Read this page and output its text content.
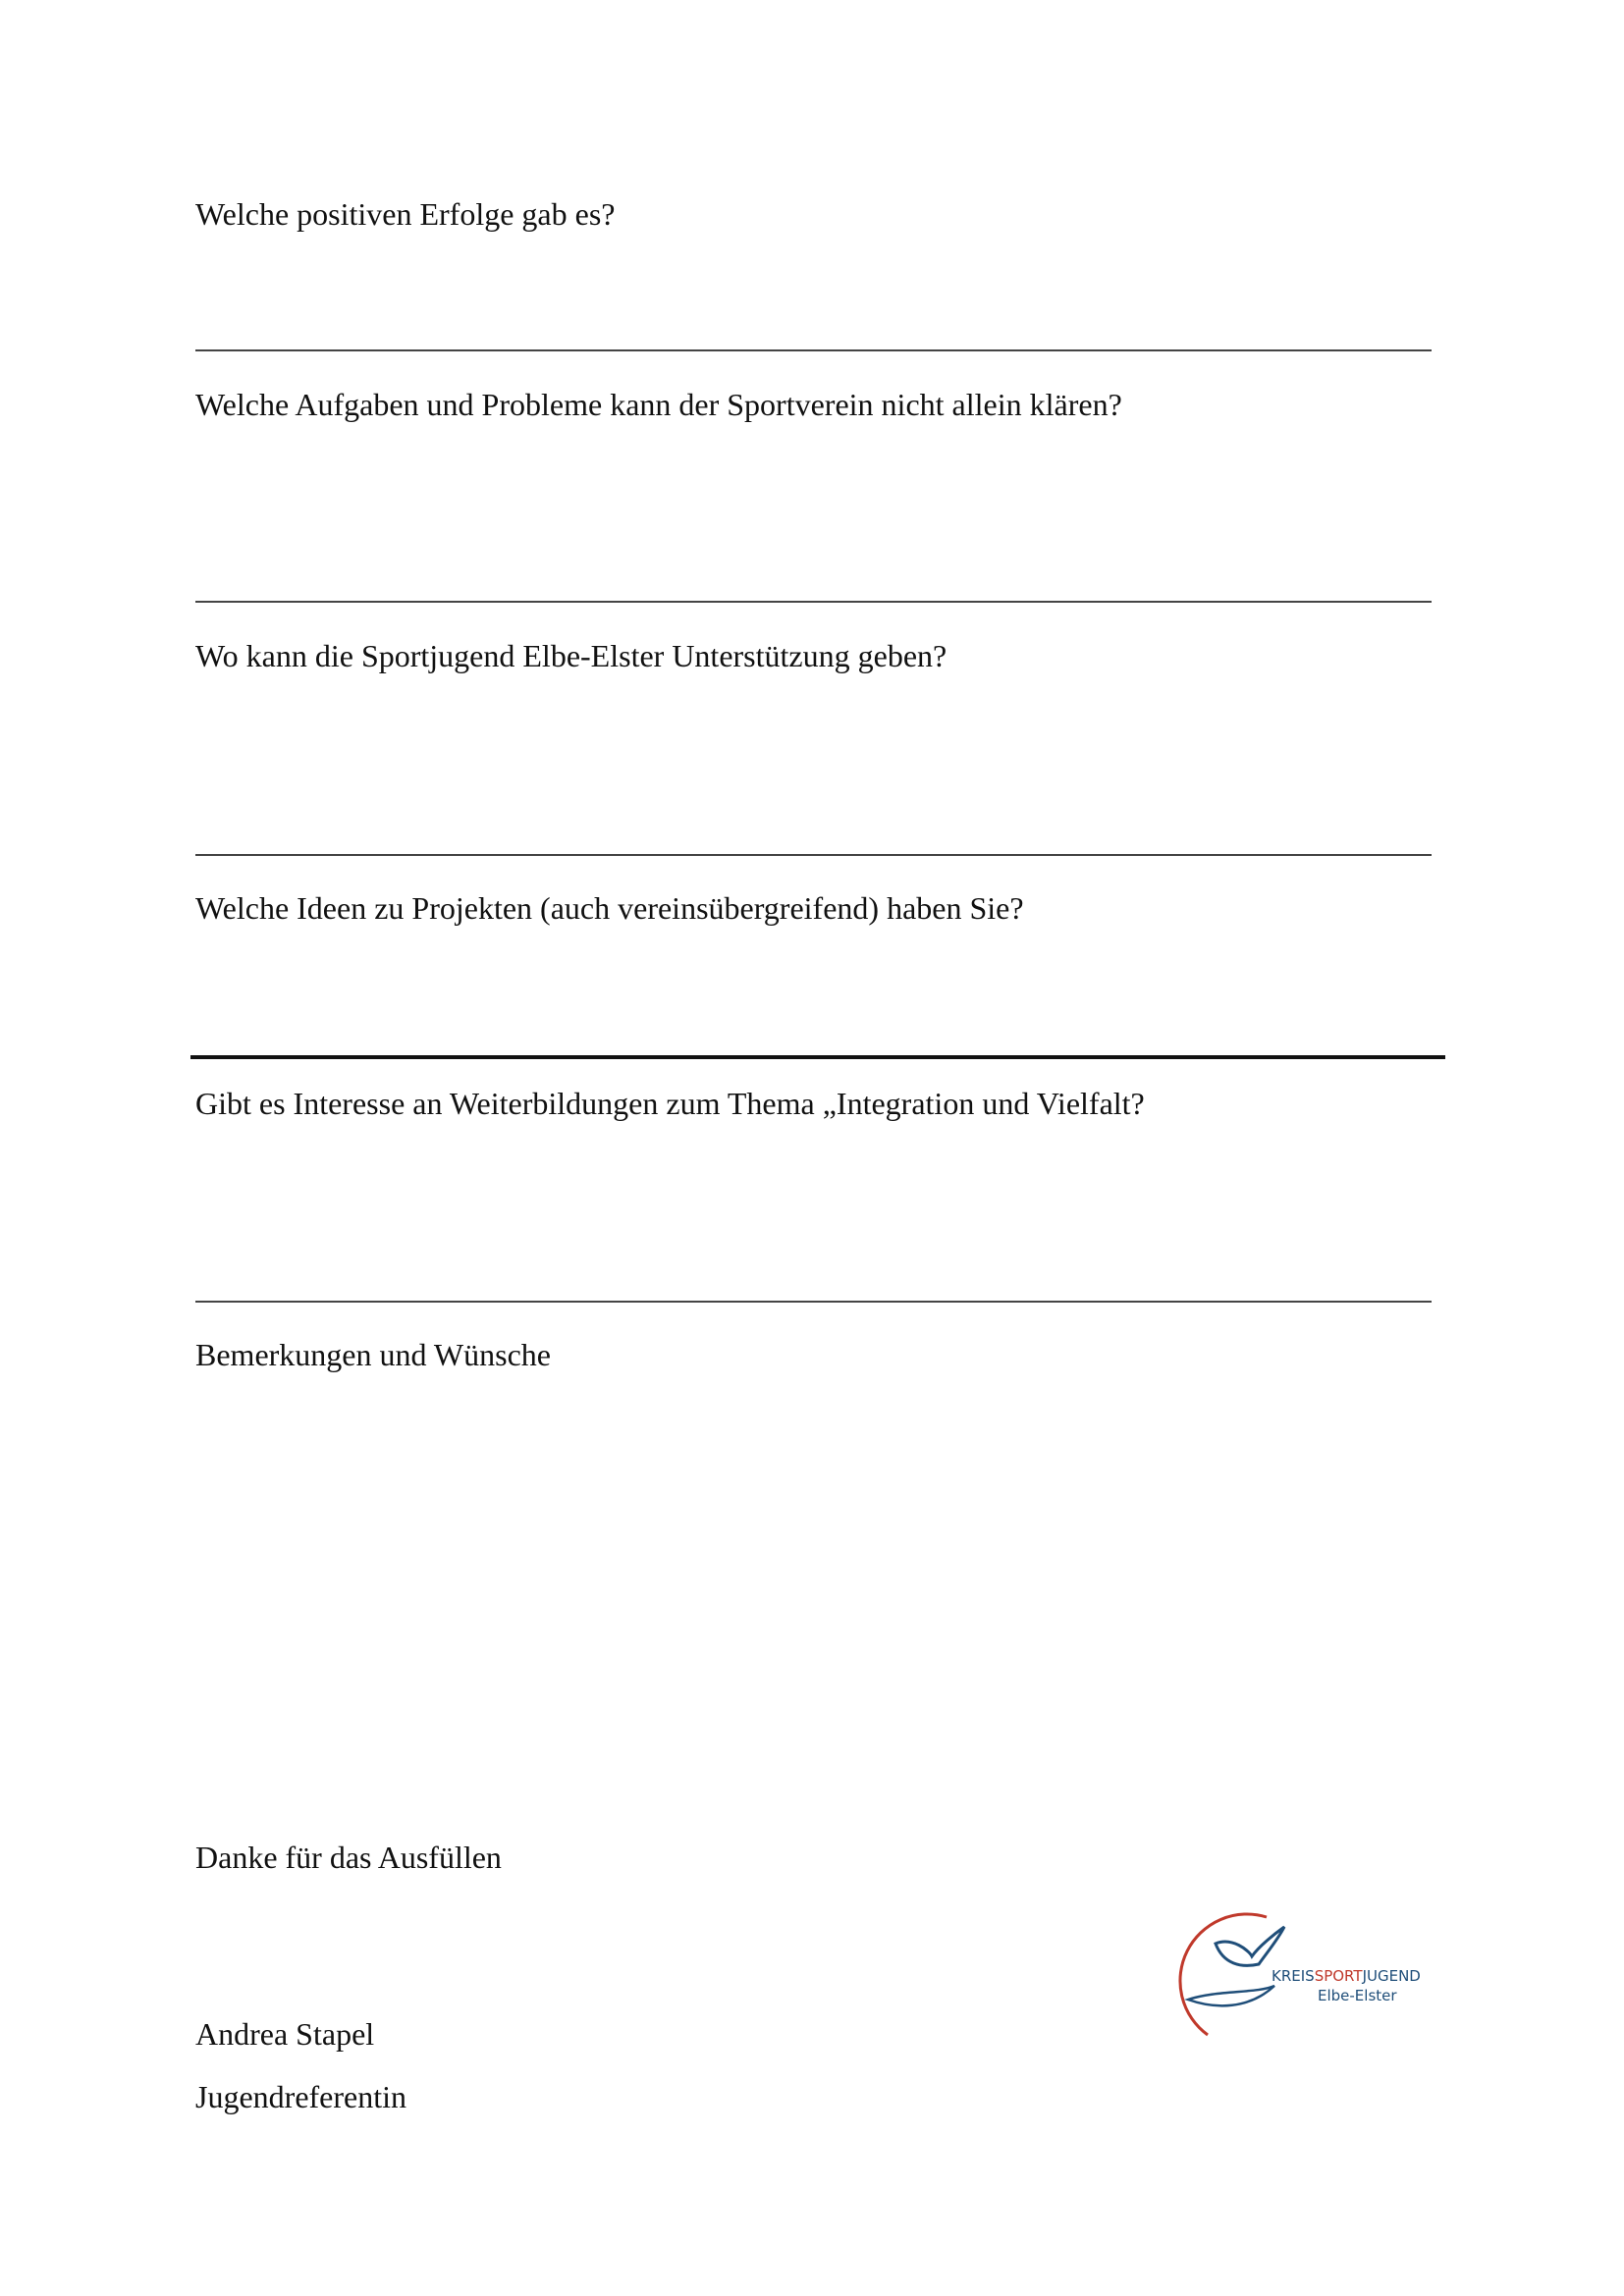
Welche positiven Erfolge gab es?
Welche Aufgaben und Probleme kann der Sportverein nicht allein klären?
Wo kann die Sportjugend Elbe-Elster Unterstützung geben?
Welche Ideen zu Projekten (auch vereinsübergreifend) haben Sie?
Gibt es Interesse an Weiterbildungen zum Thema „Integration und Vielfalt?
Bemerkungen und Wünsche
Danke für das Ausfüllen
Andrea Stapel
Jugendreferentin
KREISSPORTJUGEND
Elbe-Elster
